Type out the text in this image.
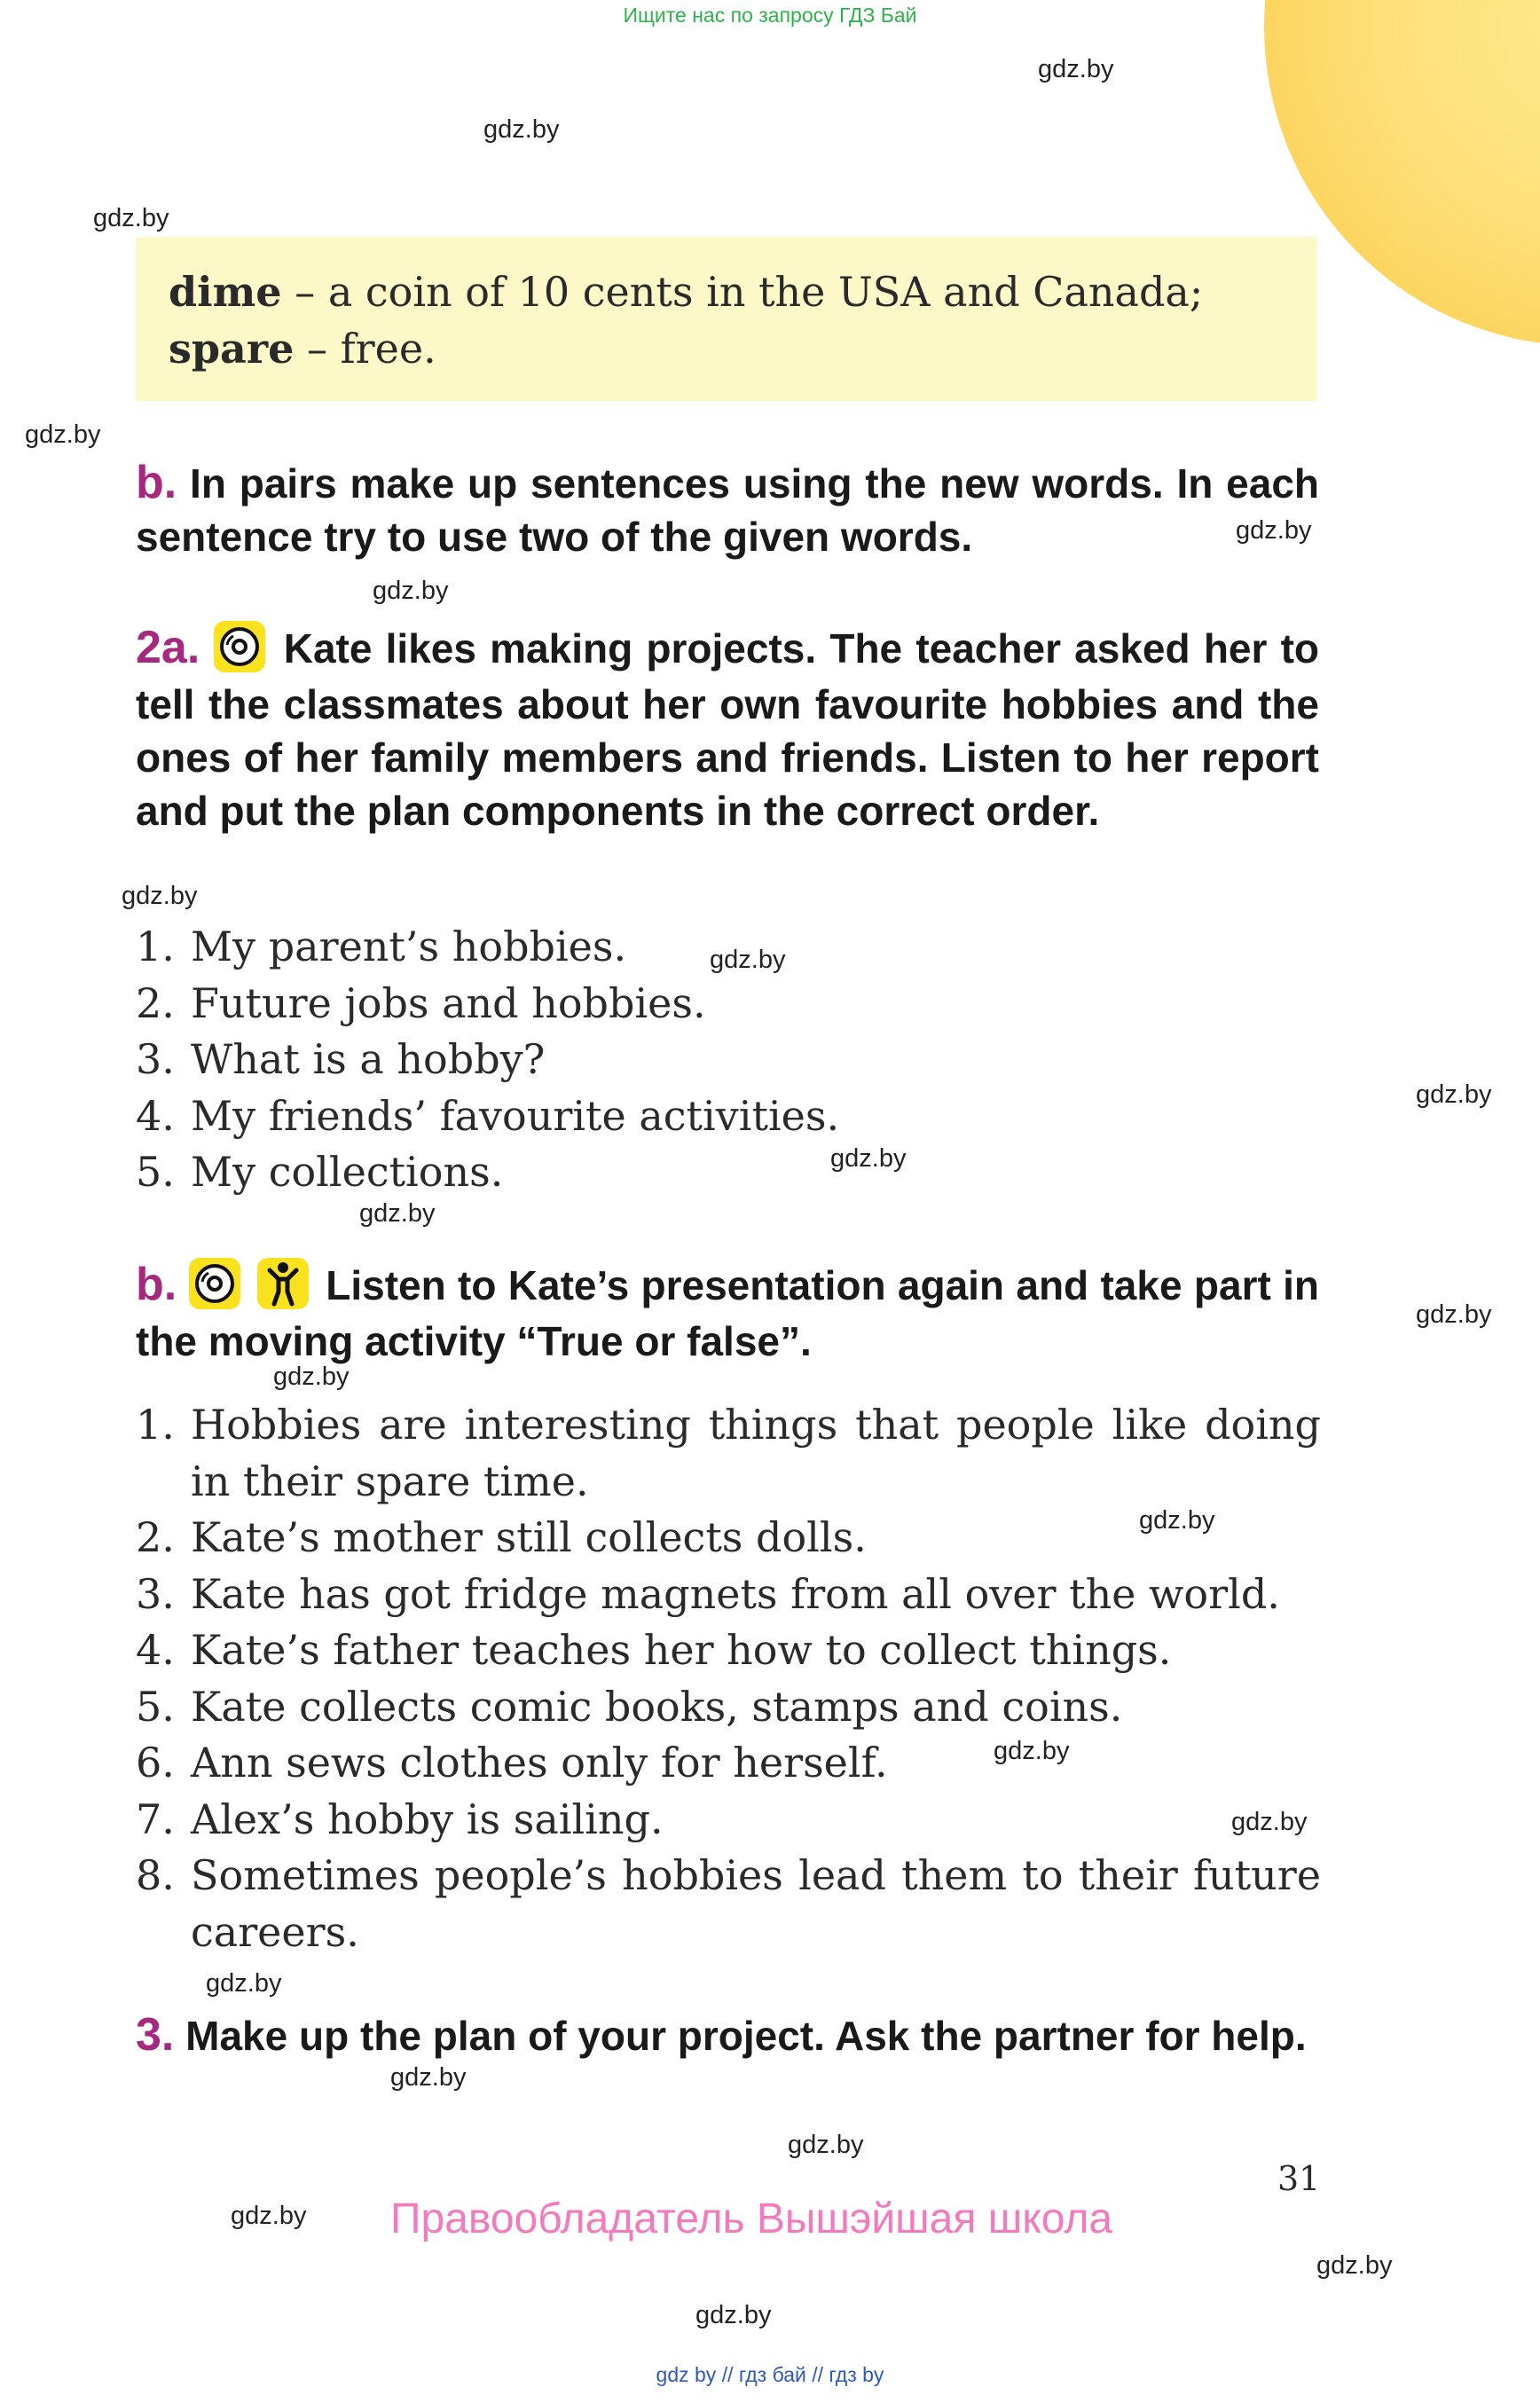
Ищите нас по запросу ГДЗ Бай
gdz.by
gdz.by
gdz.by
gdz.by
gdz.by
gdz.by
gdz.by
gdz.by
gdz.by
gdz.by
gdz.by
gdz.by
gdz.by
gdz.by
gdz.by
gdz.by
gdz.by
gdz.by
gdz.by
gdz.by
gdz.by
gdz.by
dime – a coin of 10 cents in the USA and Canada;
spare – free.
b. In pairs make up sentences using the new words. In each sentence try to use two of the given words.
2a. Kate likes making projects. The teacher asked her to tell the classmates about her own favourite hobbies and the ones of her family members and friends. Listen to her report and put the plan components in the correct order.
1. My parent’s hobbies.
2. Future jobs and hobbies.
3. What is a hobby?
4. My friends’ favourite activities.
5. My collections.
b.
	Listen to Kate’s presentation again and take part in the moving activity “True or false”.
1. Hobbies are interesting things that people like doing in their spare time.
2. Kate’s mother still collects dolls.
3. Kate has got fridge magnets from all over the world.
4. Kate’s father teaches her how to collect things.
5. Kate collects comic books, stamps and coins.
6. Ann sews clothes only for herself.
7. Alex’s hobby is sailing.
8. Sometimes people’s hobbies lead them to their future careers.
3. Make up the plan of your project. Ask the partner for help.
31
Правообладатель Вышэйшая школа
gdz by // гдз бай // гдз by
